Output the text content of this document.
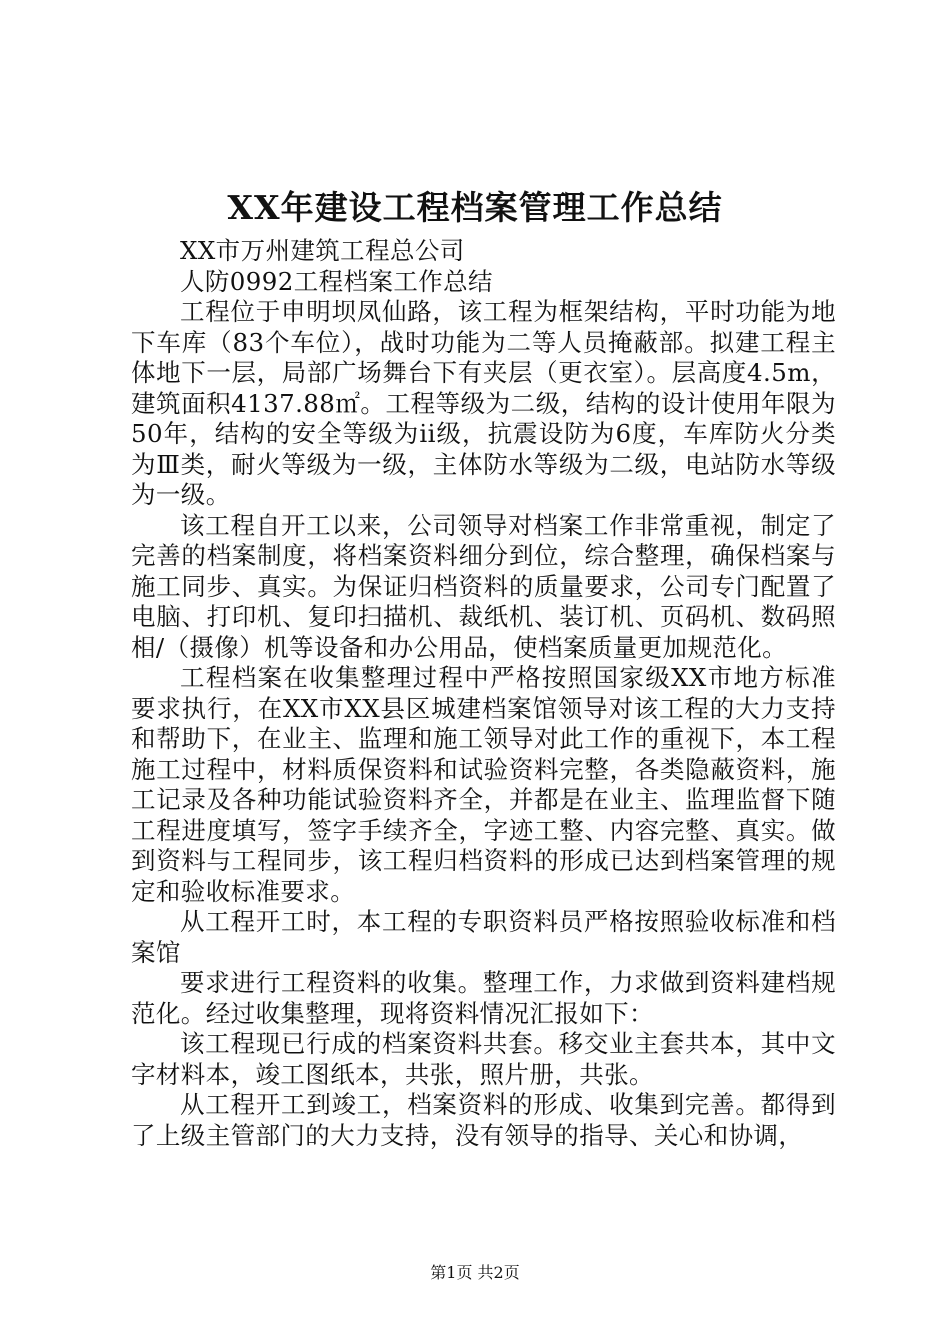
XX年建设工程档案管理工作总结

XX市万州建筑工程总公司

人防0992工程档案工作总结

工程位于申明坝凤仙路，该工程为框架结构，平时功能为地下车库（83个车位），战时功能为二等人员掩蔽部。拟建工程主体地下一层，局部广场舞台下有夹层（更衣室）。层高度4.5m，建筑面积4137.88㎡。工程等级为二级，结构的设计使用年限为50年，结构的安全等级为ii级，抗震设防为6度，车库防火分类为Ⅲ类，耐火等级为一级，主体防水等级为二级，电站防水等级为一级。

该工程自开工以来，公司领导对档案工作非常重视，制定了完善的档案制度，将档案资料细分到位，综合整理，确保档案与施工同步、真实。为保证归档资料的质量要求，公司专门配置了电脑、打印机、复印扫描机、裁纸机、装订机、页码机、数码照相/（摄像）机等设备和办公用品，使档案质量更加规范化。

工程档案在收集整理过程中严格按照国家级XX市地方标准要求执行，在XX市XX县区城建档案馆领导对该工程的大力支持和帮助下，在业主、监理和施工领导对此工作的重视下，本工程施工过程中，材料质保资料和试验资料完整，各类隐蔽资料，施工记录及各种功能试验资料齐全，并都是在业主、监理监督下随工程进度填写，签字手续齐全，字迹工整、内容完整、真实。做到资料与工程同步，该工程归档资料的形成已达到档案管理的规定和验收标准要求。

从工程开工时，本工程的专职资料员严格按照验收标准和档案馆

要求进行工程资料的收集。整理工作，力求做到资料建档规范化。经过收集整理，现将资料情况汇报如下：

该工程现已行成的档案资料共套。移交业主套共本，其中文字材料本，竣工图纸本，共张，照片册，共张。

从工程开工到竣工，档案资料的形成、收集到完善。都得到了上级主管部门的大力支持，没有领导的指导、关心和协调，

第1页 共2页
